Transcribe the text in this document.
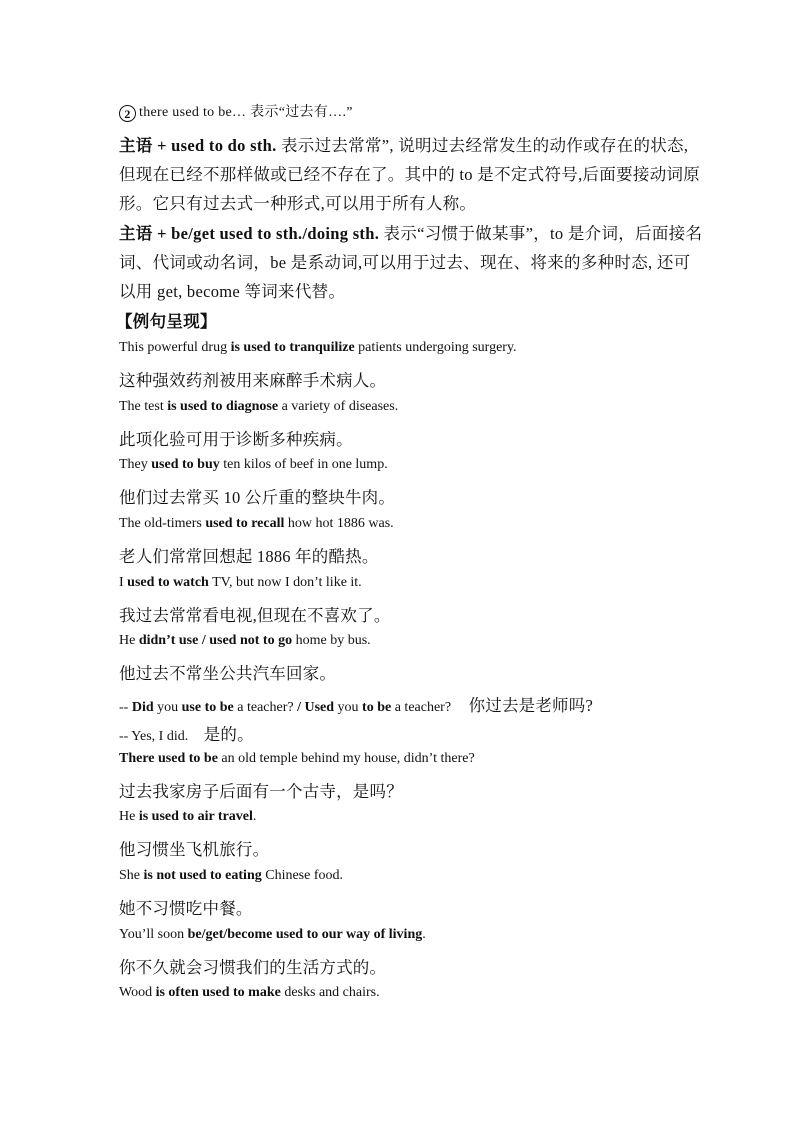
2 there used to be… 表示“过去有….”
主语 + used to do sth. 表示过去常常”, 说明过去经常发生的动作或存在的状态,
但现在已经不那样做或已经不存在了。其中的 to 是不定式符号,后面要接动词原
形。它只有过去式一种形式,可以用于所有人称。
主语 + be/get used to sth./doing sth. 表示“习惯于做某事”，to 是介词，后面接名
词、代词或动名词，be 是系动词,可以用于过去、现在、将来的多种时态, 还可
以用 get, become 等词来代替。
【例句呈现】
This powerful drug is used to tranquilize patients undergoing surgery.
这种强效药剂被用来麻醉手术病人。
The test is used to diagnose a variety of diseases.
此项化验可用于诊断多种疾病。
They used to buy ten kilos of beef in one lump.
他们过去常买 10 公斤重的整块牛肉。
The old-timers used to recall how hot 1886 was.
老人们常常回想起 1886 年的酷热。
I used to watch TV, but now I don’t like it.
我过去常常看电视,但现在不喜欢了。
He didn’t use / used not to go home by bus.
他过去不常坐公共汽车回家。
-- Did you use to be a teacher? / Used you to be a teacher? 你过去是老师吗?
-- Yes, I did. 是的。
There used to be an old temple behind my house, didn’t there?
过去我家房子后面有一个古寺，是吗？
He is used to air travel.
他习惯坐飞机旅行。
She is not used to eating Chinese food.
她不习惯吃中餐。
You’ll soon be/get/become used to our way of living.
你不久就会习惯我们的生活方式的。
Wood is often used to make desks and chairs.
